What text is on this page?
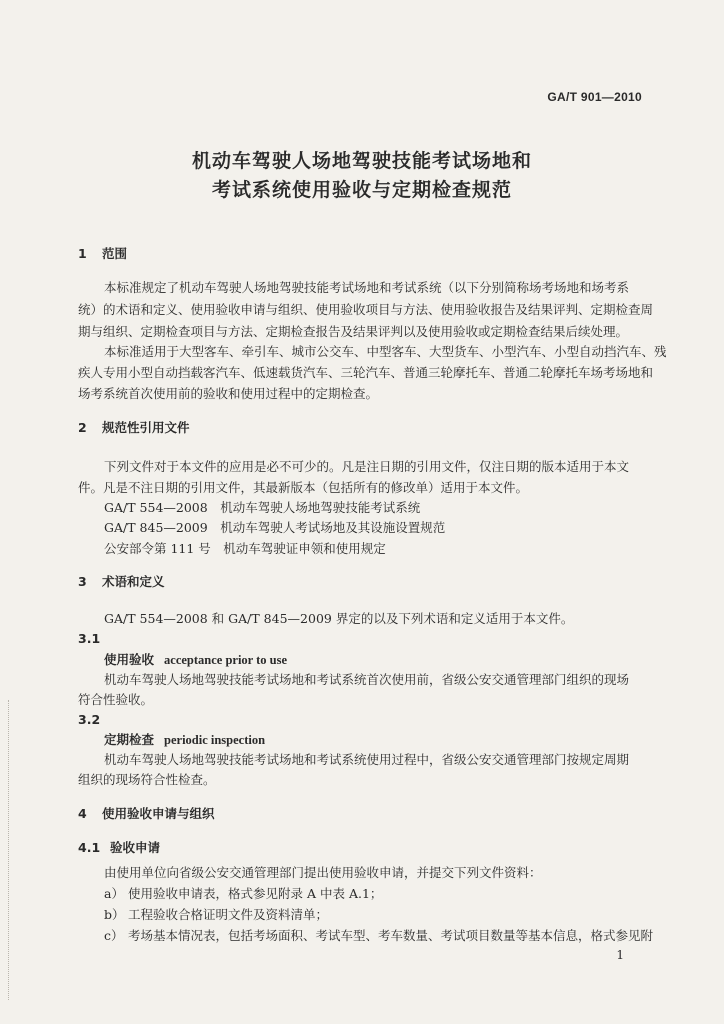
GA/T 901—2010
机动车驾驶人场地驾驶技能考试场地和
考试系统使用验收与定期检查规范
1 范围
本标准规定了机动车驾驶人场地驾驶技能考试场地和考试系统（以下分别简称场考场地和场考系
统）的术语和定义、使用验收申请与组织、使用验收项目与方法、使用验收报告及结果评判、定期检查周
期与组织、定期检查项目与方法、定期检查报告及结果评判以及使用验收或定期检查结果后续处理。
本标准适用于大型客车、牵引车、城市公交车、中型客车、大型货车、小型汽车、小型自动挡汽车、残
疾人专用小型自动挡载客汽车、低速载货汽车、三轮汽车、普通三轮摩托车、普通二轮摩托车场考场地和
场考系统首次使用前的验收和使用过程中的定期检查。
2 规范性引用文件
下列文件对于本文件的应用是必不可少的。凡是注日期的引用文件，仅注日期的版本适用于本文
件。凡是不注日期的引用文件，其最新版本（包括所有的修改单）适用于本文件。
GA/T 554—2008　机动车驾驶人场地驾驶技能考试系统
GA/T 845—2009　机动车驾驶人考试场地及其设施设置规范
公安部令第 111 号　机动车驾驶证申领和使用规定
3 术语和定义
GA/T 554—2008 和 GA/T 845—2009 界定的以及下列术语和定义适用于本文件。
3.1
使用验收 acceptance prior to use
机动车驾驶人场地驾驶技能考试场地和考试系统首次使用前，省级公安交通管理部门组织的现场
符合性验收。
3.2
定期检查 periodic inspection
机动车驾驶人场地驾驶技能考试场地和考试系统使用过程中，省级公安交通管理部门按规定周期
组织的现场符合性检查。
4 使用验收申请与组织
4.1 验收申请
由使用单位向省级公安交通管理部门提出使用验收申请，并提交下列文件资料：
a） 使用验收申请表，格式参见附录 A 中表 A.1；
b） 工程验收合格证明文件及资料清单；
c） 考场基本情况表，包括考场面积、考试车型、考车数量、考试项目数量等基本信息，格式参见附
1
